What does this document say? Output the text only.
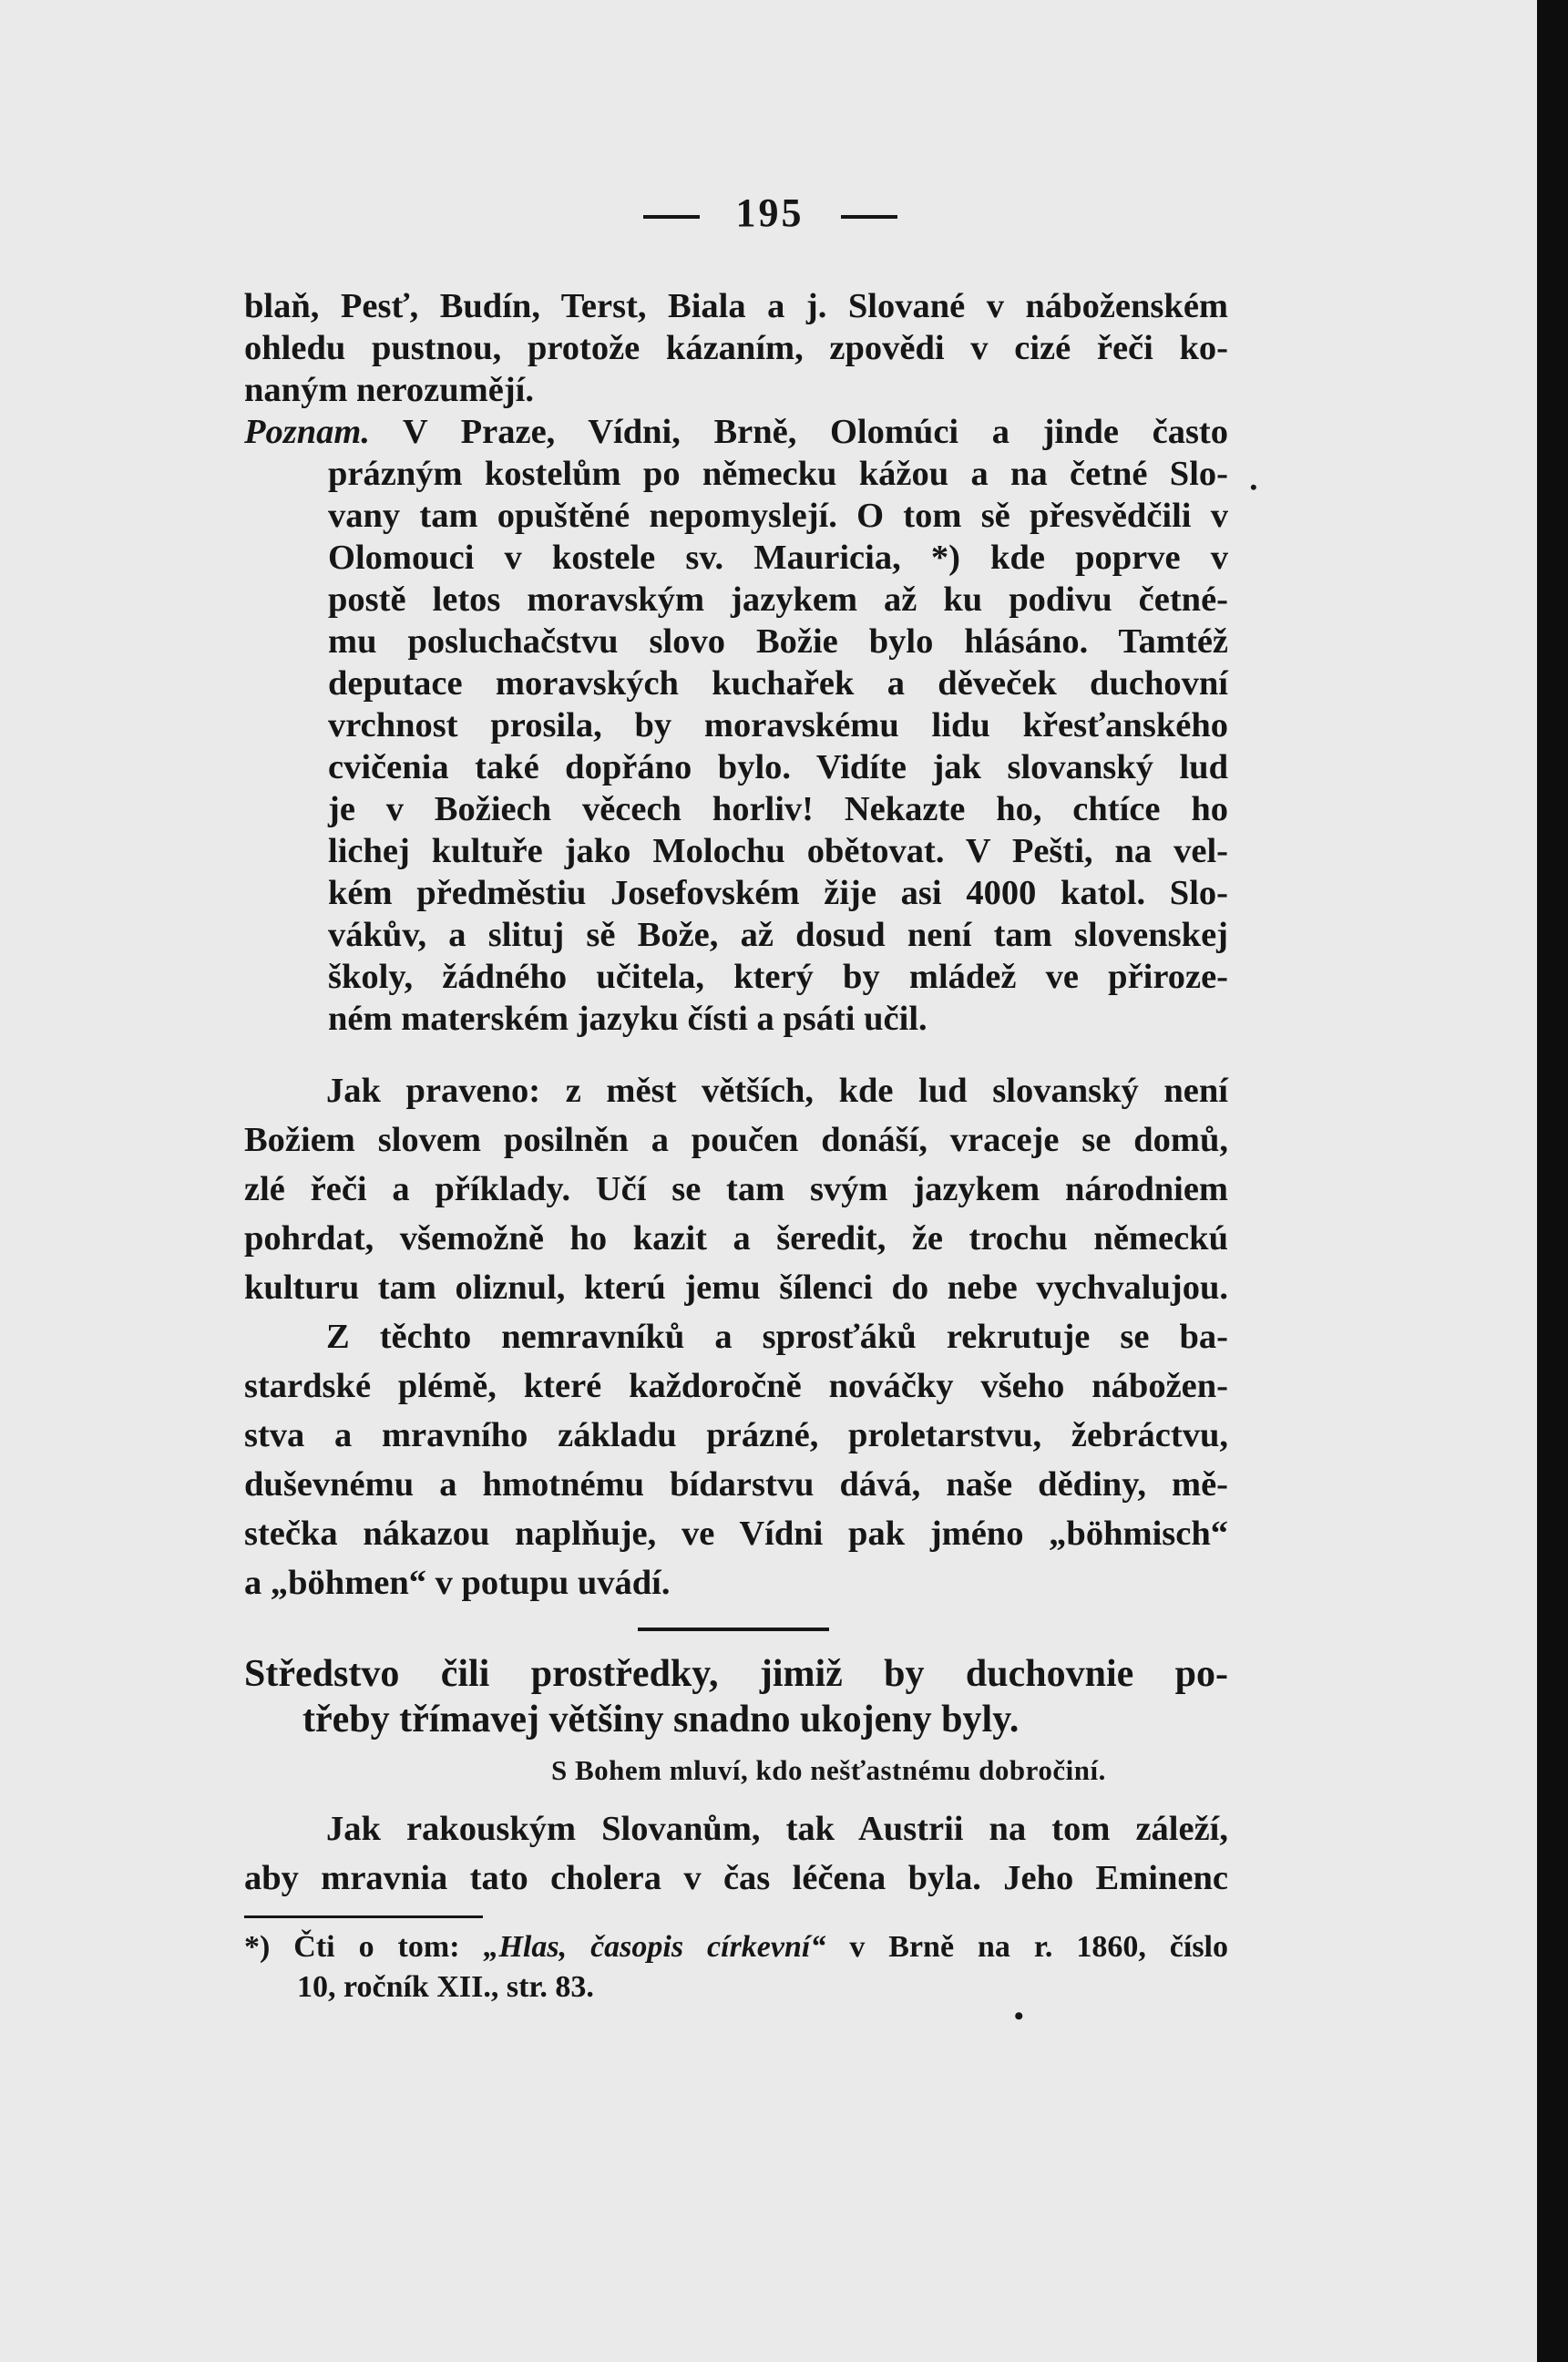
195
blaň, Pesť, Budín, Terst, Biala a j. Slované v náboženském
ohledu pustnou, protože kázaním, zpovědi v cizé řeči ko-
naným nerozumějí.
Poznam. V Praze, Vídni, Brně, Olomúci a jinde často
prázným kostelům po německu kážou a na četné Slo-
vany tam opuštěné nepomyslejí. O tom sě přesvědčili v
Olomouci v kostele sv. Mauricia, *) kde poprve v
postě letos moravským jazykem až ku podivu četné-
mu posluchačstvu slovo Božie bylo hlásáno. Tamtéž
deputace moravských kuchařek a děveček duchovní
vrchnost prosila, by moravskému lidu křesťanského
cvičenia také dopřáno bylo. Vidíte jak slovanský lud
je v Božiech věcech horliv! Nekazte ho, chtíce ho
lichej kultuře jako Molochu obětovat. V Pešti, na vel-
kém předměstiu Josefovském žije asi 4000 katol. Slo-
vákův, a slituj sě Bože, až dosud není tam slovenskej
školy, žádného učitela, který by mládež ve přiroze-
ném materském jazyku čísti a psáti učil.
Jak praveno: z měst větších, kde lud slovanský není
Božiem slovem posilněn a poučen donáší, vraceje se domů,
zlé řeči a příklady. Učí se tam svým jazykem národniem
pohrdat, všemožně ho kazit a šeredit, že trochu německú
kulturu tam oliznul, kterú jemu šílenci do nebe vychvalujou.
Z těchto nemravníků a sprosťáků rekrutuje se ba-
stardské plémě, které každoročně nováčky všeho nábožen-
stva a mravního základu prázné, proletarstvu, žebráctvu,
duševnému a hmotnému bídarstvu dává, naše dědiny, mě-
stečka nákazou naplňuje, ve Vídni pak jméno „böhmisch“
a „böhmen“ v potupu uvádí.
Středstvo čili prostředky, jimiž by duchovnie po-
třeby třímavej většiny snadno ukojeny byly.
S Bohem mluví, kdo nešťastnému dobročiní.
Jak rakouským Slovanům, tak Austrii na tom záleží,
aby mravnia tato cholera v čas léčena byla. Jeho Eminenc
*) Čti o tom: „Hlas, časopis církevní“ v Brně na r. 1860, číslo
10, ročník XII., str. 83.
•
•
